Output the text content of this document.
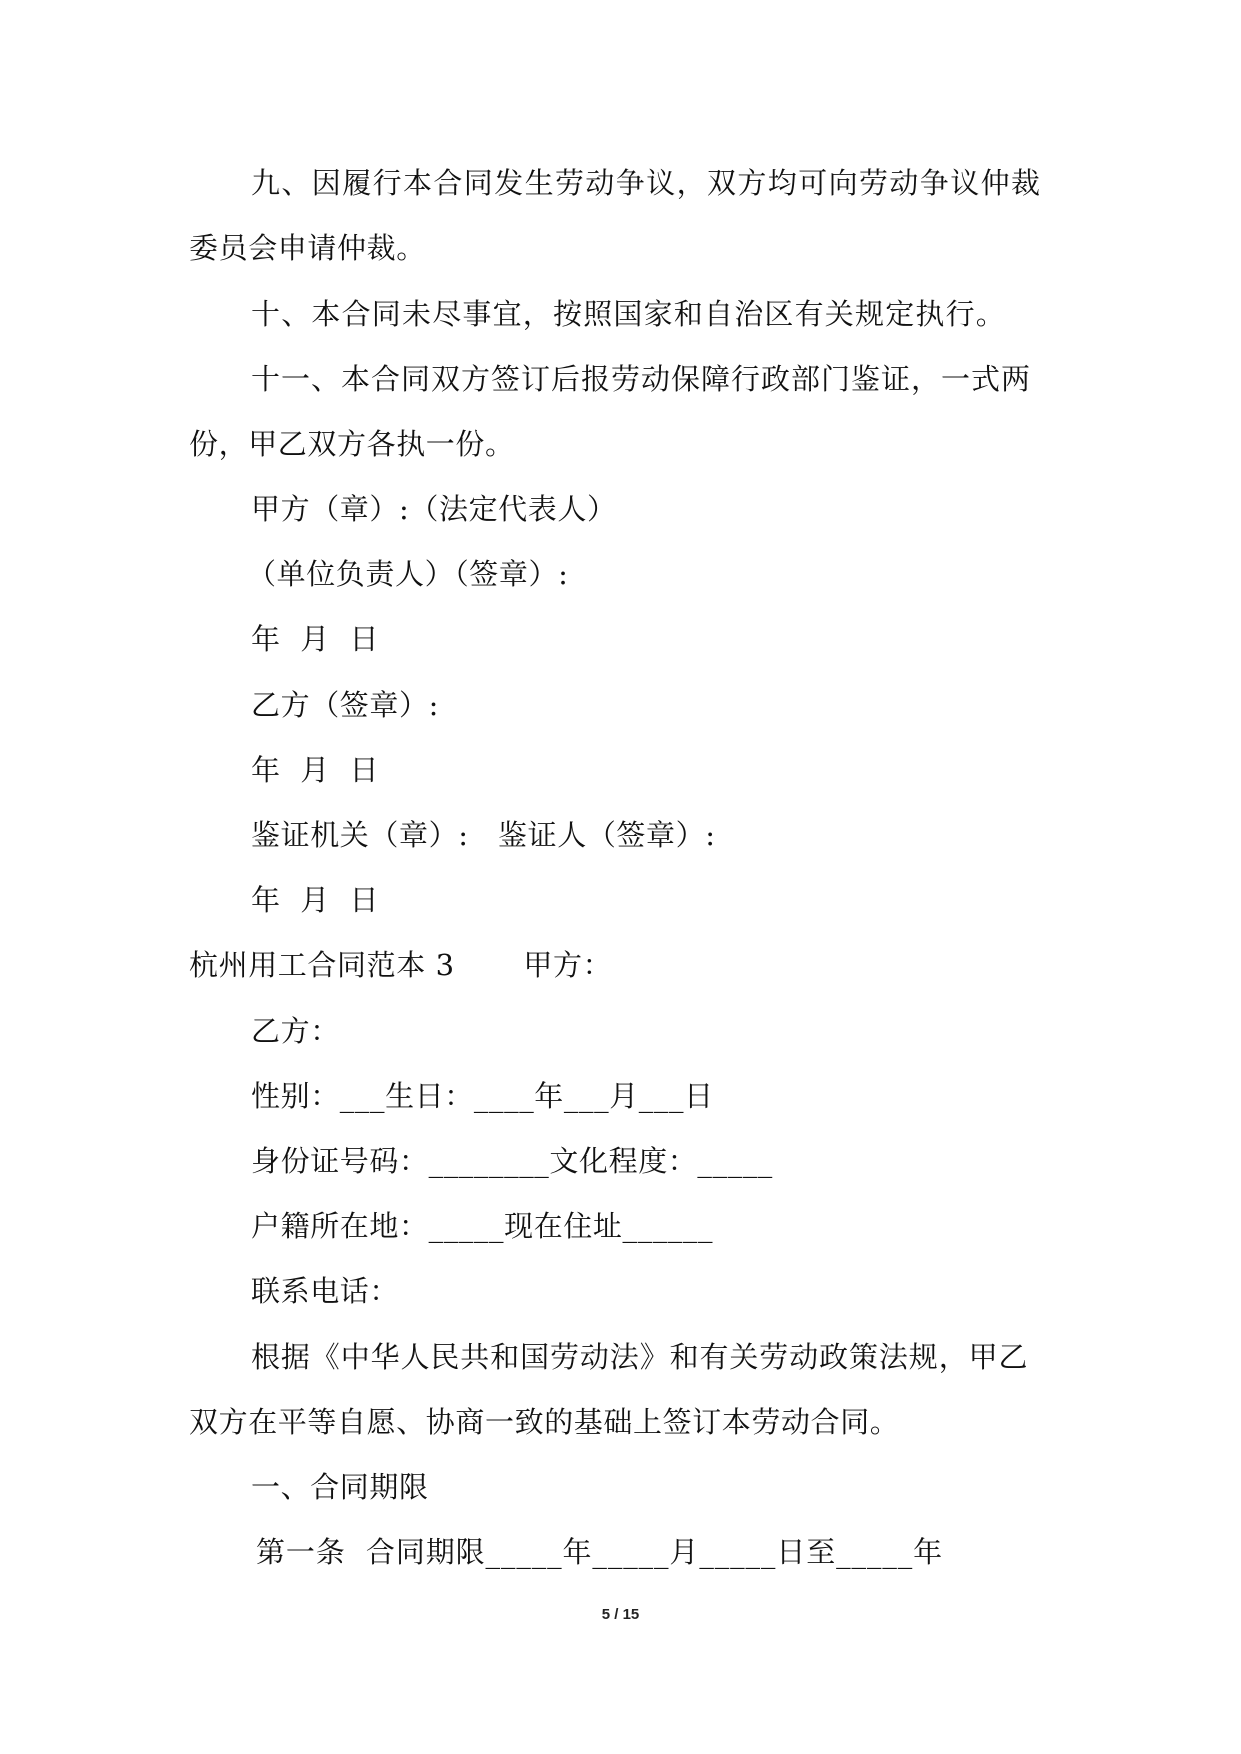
九、因履行本合同发生劳动争议，双方均可向劳动争议仲裁
委员会申请仲裁。
十、本合同未尽事宜，按照国家和自治区有关规定执行。
十一、本合同双方签订后报劳动保障行政部门鉴证，一式两
份，甲乙双方各执一份。
甲方（章）:（法定代表人）
（单位负责人）（签章）:
年  月  日
乙方（签章）:
年  月  日
鉴证机关（章）:   鉴证人（签章）:
年  月  日
杭州用工合同范本 3       甲方：
乙方：
性别：___生日：____年___月___日
身份证号码：________文化程度：_____
户籍所在地：_____现在住址______
联系电话：
根据《中华人民共和国劳动法》和有关劳动政策法规，甲乙
双方在平等自愿、协商一致的基础上签订本劳动合同。
一、合同期限
第一条  合同期限_____年_____月_____日至_____年
5 / 15
